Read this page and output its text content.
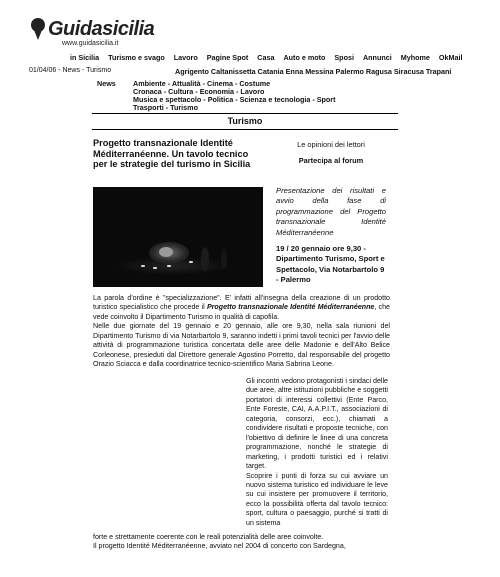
Guidasicilia
www.guidasicilia.it
in Sicilia Turismo e svago Lavoro Pagine Spot Casa Auto e moto Sposi Annunci Myhome OkMail
01/04/06 - News - Turismo	Agrigento Caltanissetta Catania Enna Messina Palermo Ragusa Siracusa Trapani
News Ambiente - Attualità - Cinema - Costume
Cronaca - Cultura - Economia - Lavoro
Musica e spettacolo - Politica - Scienza e tecnologia - Sport
Trasporti - Turismo
Turismo
Progetto transnazionale Identité Méditerranéenne. Un tavolo tecnico per le strategie del turismo in Sicilia
Le opinioni dei lettori
Partecipa al forum
Presentazione dei risultati e avvio della fase di programmazione del Progetto transnazionale Identité Méditerranéenne
19 / 20 gennaio ore 9,30 - Dipartimento Turismo, Sport e Spettacolo, Via Notarbartolo 9 - Palermo
La parola d'ordine è "specializzazione". E' infatti all'insegna della creazione di un prodotto turistico specialistico che procede il Progetto transnazionale Identité Méditerranéenne, che vede coinvolto il Dipartimento Turismo in qualità di capofila.
Nelle due giornate del 19 gennaio e 20 gennaio, alle ore 9,30, nella sala riunioni del Dipartimento Turismo di via Notarbartolo 9, saranno indetti i primi tavoli tecnici per l'avvio delle attività di programmazione turistica concertata delle aree delle Madonie e dell'Alto Belice Corleonese, presieduti dal Direttore generale Agostino Porretto, dal responsabile del progetto Orazio Sciacca e dalla coordinatrice tecnico-scientifico Maria Sabrina Leone.
Gli incontri vedono protagonisti i sindaci delle due aree, altre istituzioni pubbliche e soggetti portatori di interessi collettivi (Ente Parco, Ente Foreste, CAI, A.A.P.I.T., associazioni di categoria, consorzi, ecc.), chiamati a condividere risultati e proposte tecniche, con l'obiettivo di definire le linee di una concreta programmazione, nonché le strategie di marketing, i prodotti turistici ed i relativi target.
Scoprire i punti di forza su cui avviare un nuovo sistema turistico ed individuare le leve su cui insistere per promuovere il territorio, ecco la possibilità offerta dal tavolo tecnico: sport, cultura o paesaggio, purché si tratti di un sistema
forte e strettamente coerente con le reali potenzialità delle aree coinvolte.
Il progetto Identité Méditerranéenne, avviato nel 2004 di concerto con Sardegna,
